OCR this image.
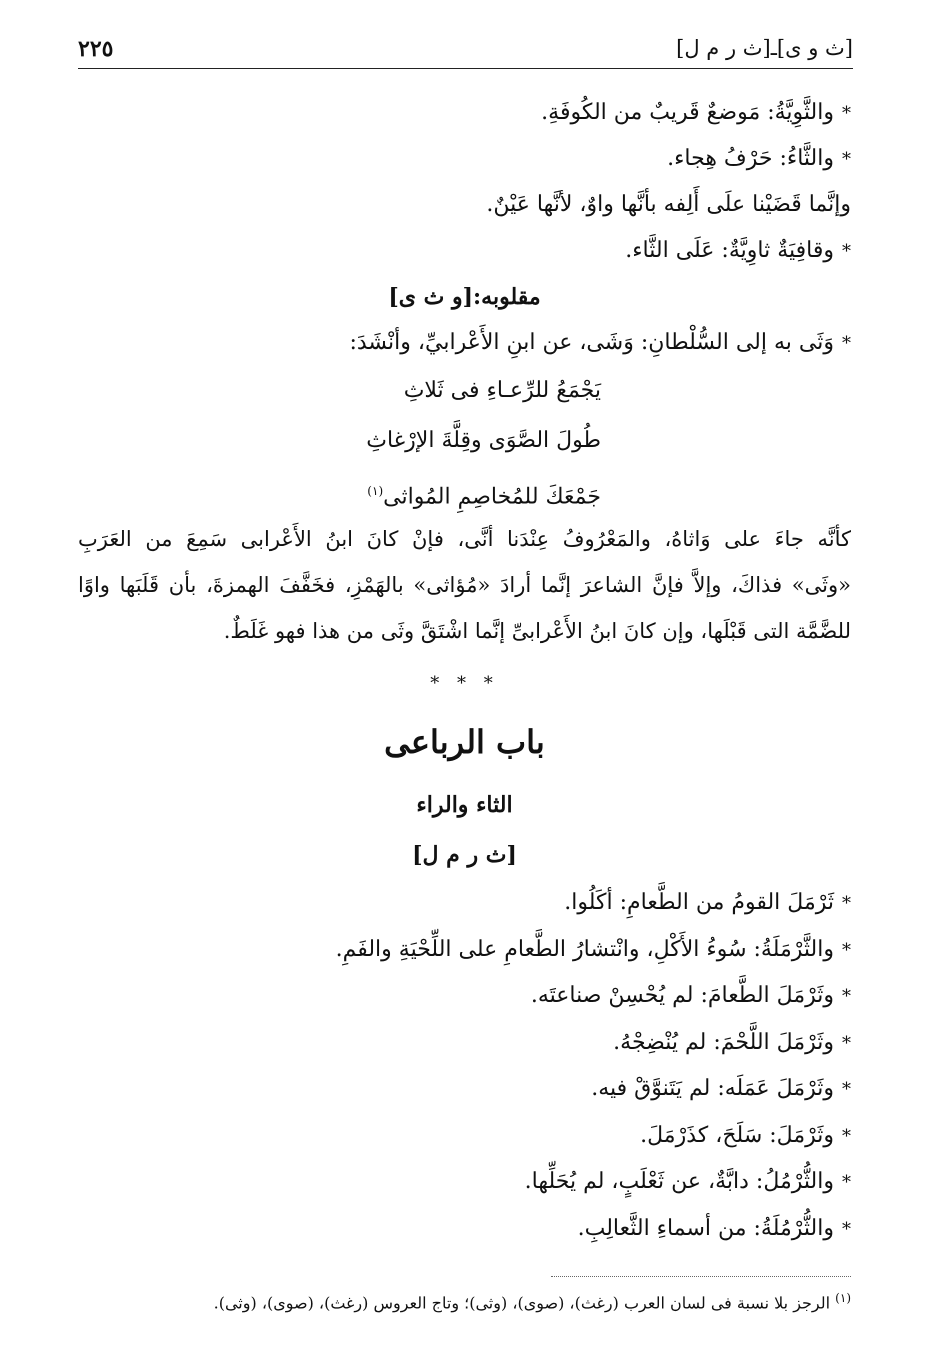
٢٢٥	[ث و ى]ـ[ث ر م ل]
*والثَّوِيَّةُ: مَوضعٌ قَريبٌ من الكُوفَةِ.
*والثَّاءُ: حَرْفُ هِجاء.
وإنَّما قَضَيْنا علَى أَلِفه بأنَّها واوٌ، لأنَّها عَيْنٌ.
*وقافِيَةٌ ثاوِيَّةٌ: عَلَى الثَّاء.
مقلوبه:[و ث ى]
*وَثَى به إلى السُّلْطانِ: وَشَى، عن ابنِ الأَعْرابيِّ، وأنْشَدَ:
يَجْمَعُ للرِّعـاءِ فى ثَلاثِ
طُولَ الصَّوَى وقِلَّةَ الإرْغاثِ
جَمْعَكَ للمُخاصِمِ المُواثى$^{(١)}$
كأنَّه جاءَ على وَاثاهُ، والمَعْرُوفُ عِنْدَنا أنَّى، فإنْ كانَ ابنُ الأَعْرابى سَمِعَ من العَرَبِ
«وثَى» فذاكَ، وإلاَّ فإنَّ الشاعرَ إنَّما أرادَ «مُؤاثى» بالهَمْزِ، فخَفَّفَ الهمزةَ، بأن قَلَبَها واوًا
للضَّمَّة التى قَبْلَها، وإن كانَ ابنُ الأَعْرابىِّ إنَّما اشْتَقَّ وثَى من هذا فهو غَلَطٌ.
* * *
باب الرباعى
الثاء والراء
[ث ر م ل]
*ثَرْمَلَ القومُ من الطَّعامِ: أكَلُوا.
*والثَّرْمَلَةُ: سُوءُ الأَكْلِ، وانْتشارُ الطَّعامِ على اللِّحْيَةِ والفَمِ.
*وثَرْمَلَ الطَّعامَ: لم يُحْسِنْ صناعتَه.
*وثَرْمَلَ اللَّحْمَ: لم يُنْضِجْهُ.
*وثَرْمَلَ عَمَلَه: لم يَتَنوَّقْ فيه.
*وثَرْمَلَ: سَلَحَ، كذَرْمَلَ.
*والثُّرْمُلُ: دابَّةٌ، عن ثَعْلَبٍ، لم يُحَلِّها.
*والثُّرْمُلَةُ: من أسماءِ الثَّعالِبِ.
$^{(١)}$ الرجز بلا نسبة فى لسان العرب (رغث)، (صوى)، (وثى)؛ وتاج العروس (رغث)، (صوى)، (وثى).
